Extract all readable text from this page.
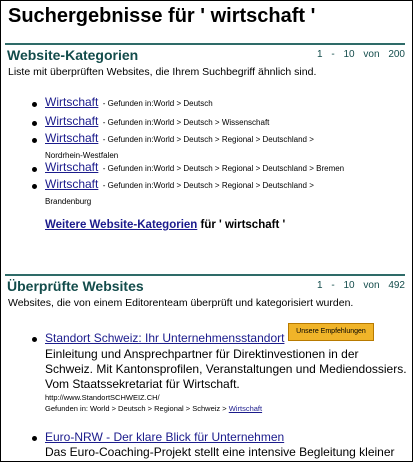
Suchergebnisse für ' wirtschaft '
Website-Kategorien	1 - 10 von 200
Liste mit überprüften Websites, die Ihrem Suchbegriff ähnlich sind.
Wirtschaft - Gefunden in:World > Deutsch
Wirtschaft - Gefunden in:World > Deutsch > Wissenschaft
Wirtschaft - Gefunden in:World > Deutsch > Regional > Deutschland >
Nordrhein-Westfalen
Wirtschaft - Gefunden in:World > Deutsch > Regional > Deutschland > Bremen
Wirtschaft - Gefunden in:World > Deutsch > Regional > Deutschland >
Brandenburg
Weitere Website-Kategorien für ' wirtschaft '
Überprüfte Websites	1 - 10 von 492
Websites, die von einem Editorenteam überprüft und kategorisiert wurden.
Standort Schweiz: Ihr Unternehmensstandort	Unsere Empfehlungen
Einleitung und Ansprechpartner für Direktinvestionen in der Schweiz. Mit Kantonsprofilen, Veranstaltungen und Mediendossiers. Vom Staatssekretariat für Wirtschaft.
http://www.StandortSCHWEIZ.CH/
Gefunden in: World > Deutsch > Regional > Schweiz > Wirtschaft
Euro-NRW - Der klare Blick für Unternehmen
Das Euro-Coaching-Projekt stellt eine intensive Begleitung kleiner
